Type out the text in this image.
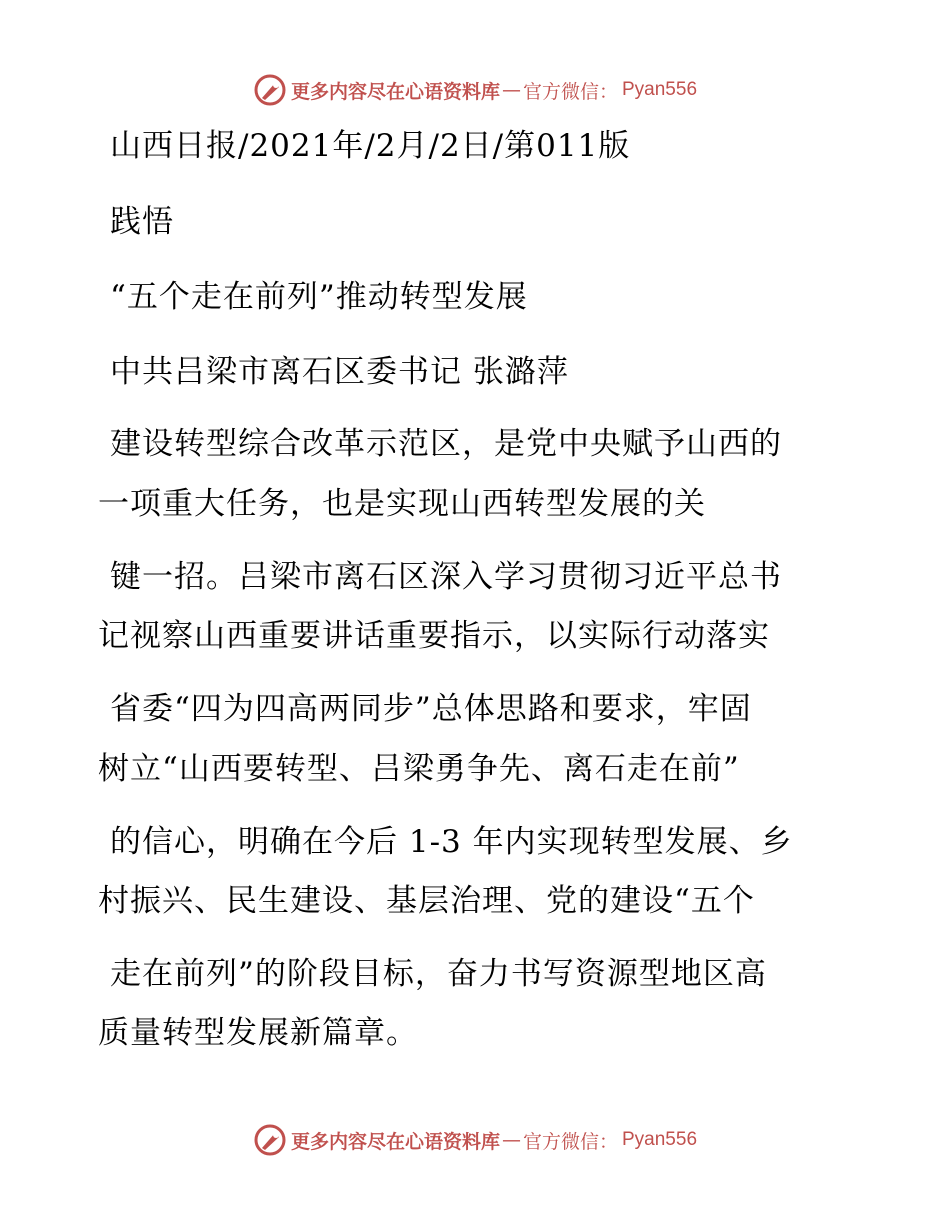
更多内容尽在心语资料库 — 官方微信： Pyan556
山西日报/2021年/2月/2日/第011版
践悟
“五个走在前列”推动转型发展
中共吕梁市离石区委书记 张潞萍
建设转型综合改革示范区，是党中央赋予山西的
一项重大任务，也是实现山西转型发展的关
键一招。吕梁市离石区深入学习贯彻习近平总书
记视察山西重要讲话重要指示，以实际行动落实
省委“四为四高两同步”总体思路和要求，牢固
树立“山西要转型、吕梁勇争先、离石走在前”
的信心，明确在今后 1-3 年内实现转型发展、乡
村振兴、民生建设、基层治理、党的建设“五个
走在前列”的阶段目标，奋力书写资源型地区高
质量转型发展新篇章。
更多内容尽在心语资料库 — 官方微信： Pyan556
